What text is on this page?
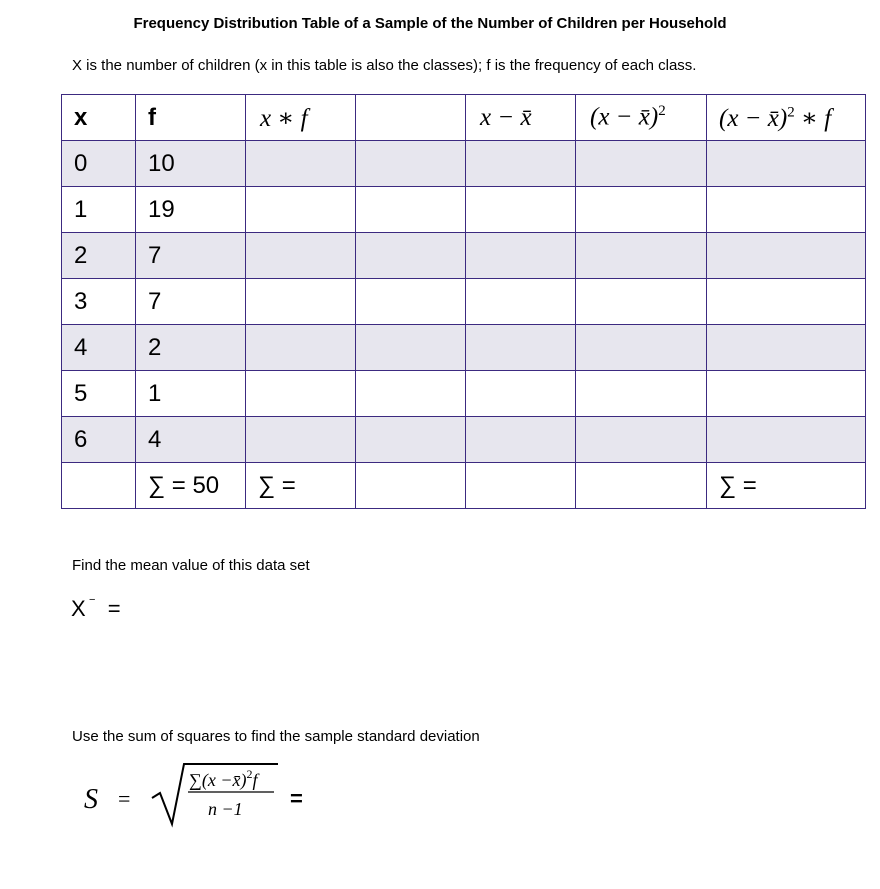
Frequency Distribution Table of a Sample of the Number of Children per Household
X is the number of children (x in this table is also the classes); f is the frequency of each class.
x	f	x ∗ f		x − x̄	(x − x̄)$^2$	(x − x̄)$^2$ ∗ f
0	10					
1	19					
2	7					
3	7					
4	2					
5	1					
6	4					
	∑ = 50	∑ =				∑ =
Find the mean value of this data set
X − =
Use the sum of squares to find the sample standard deviation
S =
∑(x −x̄)$^2$f
n −1 =
